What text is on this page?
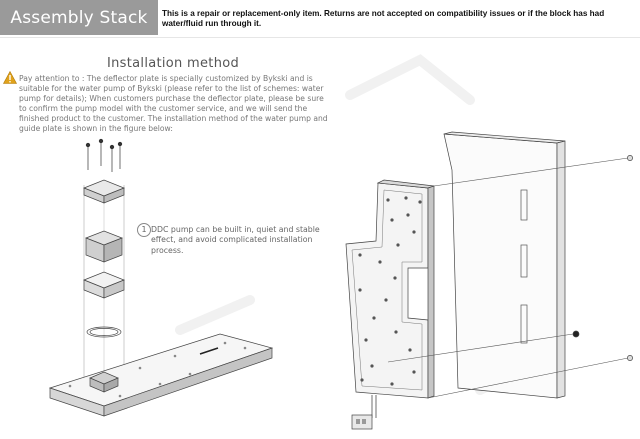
Assembly Stack This is a repair or replacement-only item. Returns are not accepted on compatibility issues or if the block has had water/fluid run through it.
Installation method
Pay attention to : The deflector plate is specially customized by Bykski and is suitable for the water pump of Bykski (please refer to the list of schemes: water pump for details); When customers purchase the deflector plate, please be sure to confirm the pump model with the customer service, and we will send the finished product to the customer. The installation method of the water pump and guide plate is shown in the figure below:
1 DDC pump can be built in, quiet and stable effect, and avoid complicated installation process.
